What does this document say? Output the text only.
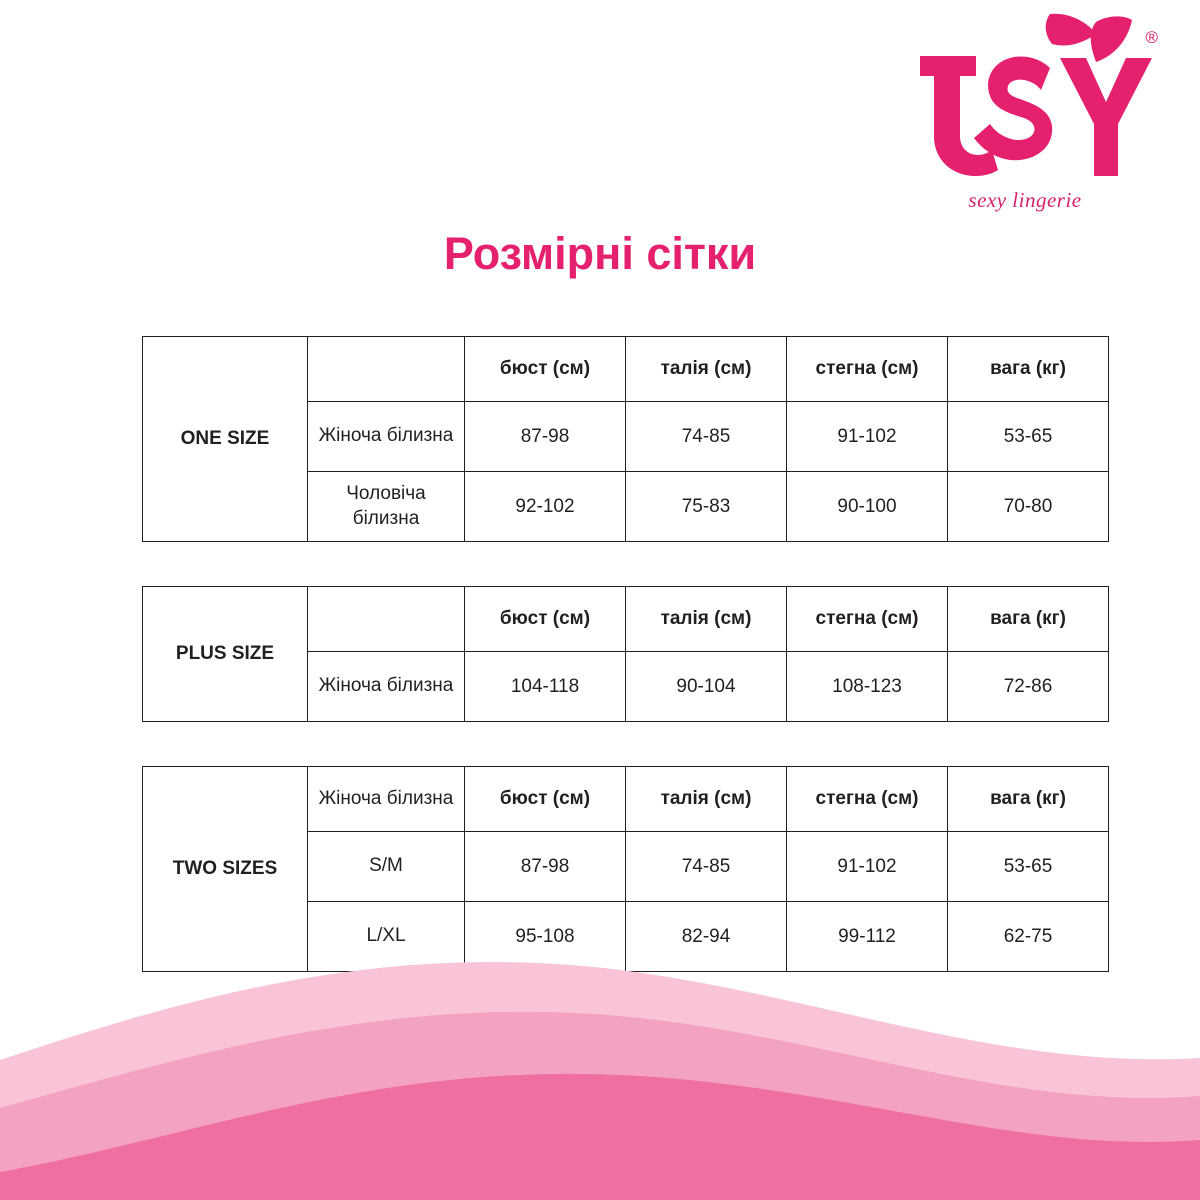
®
sexy lingerie
Розмірні сітки
ONE SIZE		бюст (см)	талія (см)	стегна (см)	вага (кг)
	Жіноча білизна	87-98	74-85	91-102	53-65
	Чоловіча білизна	92-102	75-83	90-100	70-80
PLUS SIZE		бюст (см)	талія (см)	стегна (см)	вага (кг)
	Жіноча білизна	104-118	90-104	108-123	72-86
TWO SIZES	Жіноча білизна	бюст (см)	талія (см)	стегна (см)	вага (кг)
	S/M	87-98	74-85	91-102	53-65
	L/XL	95-108	82-94	99-112	62-75
